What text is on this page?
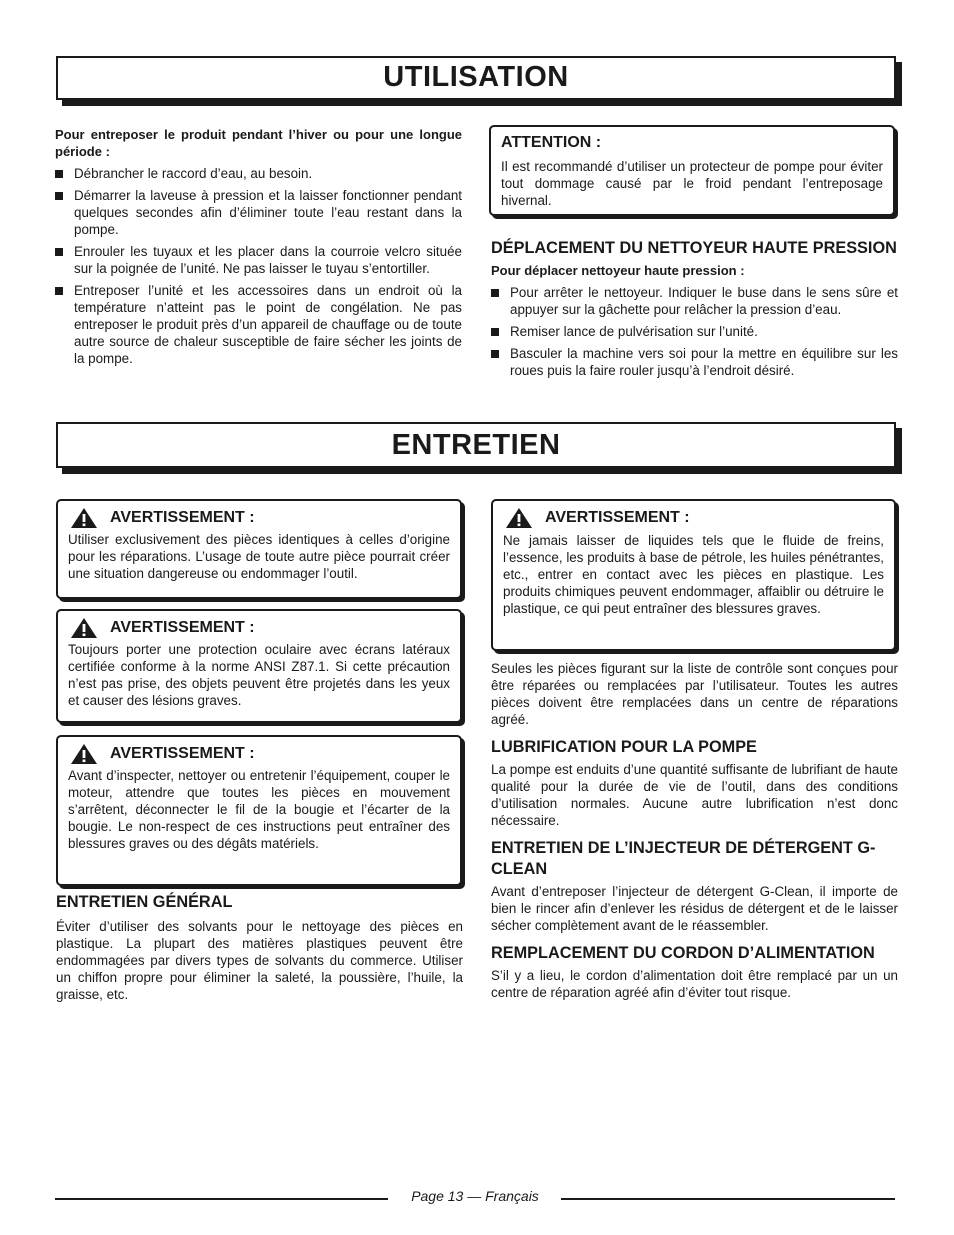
UTILISATION

Pour entreposer le produit pendant l’hiver ou pour une longue période :

Débrancher le raccord d’eau, au besoin.
Démarrer la laveuse à pression et la laisser fonctionner pendant quelques secondes afin d’éliminer toute l’eau restant dans la pompe.
Enrouler les tuyaux et les placer dans la courroie velcro située sur la poignée de l’unité. Ne pas laisser le tuyau s’entortiller.
Entreposer l’unité et les accessoires dans un endroit où la température n’atteint pas le point de congélation. Ne pas entreposer le produit près d’un appareil de chauffage ou de toute autre source de chaleur susceptible de faire sécher les joints de la pompe.
ATTENTION :
Il est recommandé d’utiliser un protecteur de pompe pour éviter tout dommage causé par le froid pendant l’entreposage hivernal.
DÉPLACEMENT DU NETTOYEUR HAUTE PRESSION

Pour déplacer nettoyeur haute pression :

Pour arrêter le nettoyeur. Indiquer le buse dans le sens sûre et appuyer sur la gâchette pour relâcher la pression d’eau.
Remiser lance de pulvérisation sur l’unité.
Basculer la machine vers soi pour la mettre en équilibre sur les roues puis la faire rouler jusqu’à l’endroit désiré.
ENTRETIEN
AVERTISSEMENT :
Utiliser exclusivement des pièces identiques à celles d’origine pour les réparations. L’usage de toute autre pièce pourrait créer une situation dangereuse ou endommager l’outil.
AVERTISSEMENT :
Toujours porter une protection oculaire avec écrans latéraux certifiée conforme à la norme ANSI Z87.1. Si cette précaution n’est pas prise, des objets peuvent être projetés dans les yeux et causer des lésions graves.
AVERTISSEMENT :
Avant d’inspecter, nettoyer ou entretenir l’équipement, couper le moteur, attendre que toutes les pièces en mouvement s’arrêtent, déconnecter le fil de la bougie et l’écarter de la bougie. Le non-respect de ces instructions peut entraîner des blessures graves ou des dégâts matériels.
ENTRETIEN GÉNÉRAL

Éviter d’utiliser des solvants pour le nettoyage des pièces en plastique. La plupart des matières plastiques peuvent être endommagées par divers types de solvants du commerce. Utiliser un chiffon propre pour éliminer la saleté, la poussière, l’huile, la graisse, etc.

AVERTISSEMENT :
Ne jamais laisser de liquides tels que le fluide de freins, l’essence, les produits à base de pétrole, les huiles pénétrantes, etc., entrer en contact avec les pièces en plastique. Les produits chimiques peuvent endommager, affaiblir ou détruire le plastique, ce qui peut entraîner des blessures graves.

Seules les pièces figurant sur la liste de contrôle sont conçues pour être réparées ou remplacées par l’utilisateur. Toutes les autres pièces doivent être remplacées dans un centre de réparations agréé.

LUBRIFICATION POUR LA POMPE

La pompe est enduits d’une quantité suffisante de lubrifiant de haute qualité pour la durée de vie de l’outil, dans des conditions d’utilisation normales. Aucune autre lubrification n’est donc nécessaire.

ENTRETIEN DE L’INJECTEUR DE DÉTERGENT G-CLEAN

Avant d’entreposer l’injecteur de détergent G-Clean, il importe de bien le rincer afin d’enlever les résidus de détergent et de le laisser sécher complètement avant de le réassembler.

REMPLACEMENT DU CORDON D’ALIMENTATION

S’il y a lieu, le cordon d’alimentation doit être remplacé par un un centre de réparation agréé afin d’éviter tout risque.

Page 13 — Français
